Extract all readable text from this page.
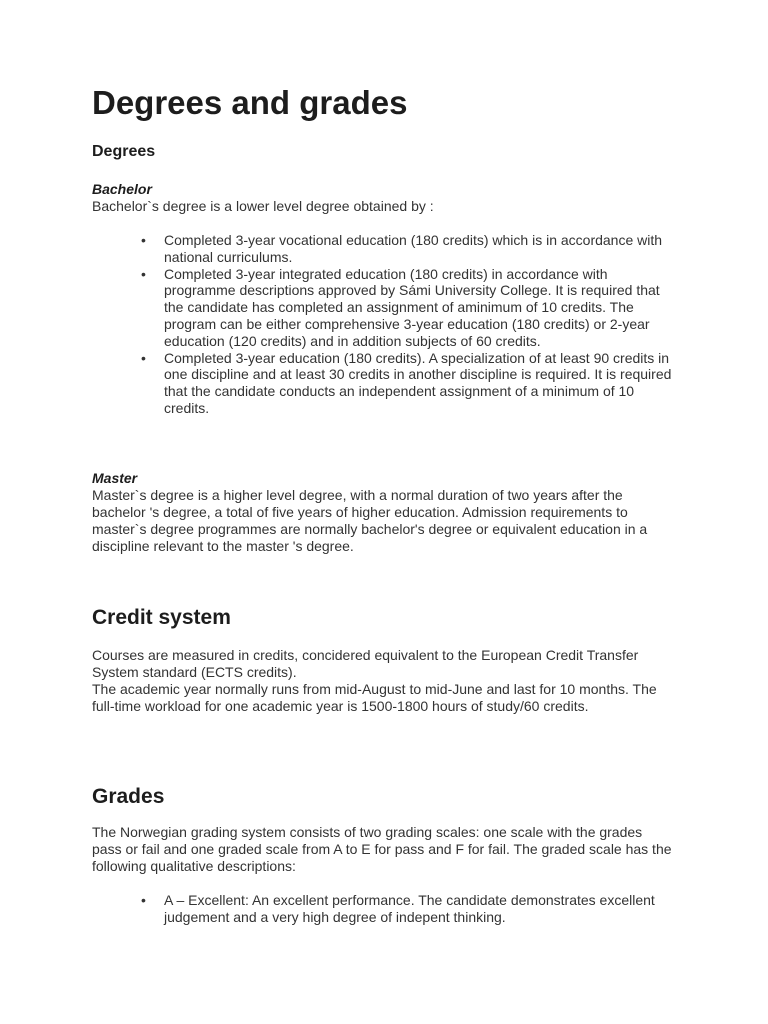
Degrees and grades
Degrees
Bachelor

Bachelor`s degree is a lower level degree obtained by :

• Completed 3-year vocational education (180 credits) which is in accordance with national curriculums.
• Completed 3-year integrated education (180 credits) in accordance with programme descriptions approved by Sámi University College. It is required that the candidate has completed an assignment of aminimum of 10 credits. The program can be either comprehensive 3-year education (180 credits) or 2-year education (120 credits) and in addition subjects of 60 credits.
• Completed 3-year education (180 credits). A specialization of at least 90 credits in one discipline and at least 30 credits in another discipline is required. It is required that the candidate conducts an independent assignment of a minimum of 10 credits.
Master

Master`s degree is a higher level degree, with a normal duration of two years after the bachelor 's degree, a total of five years of higher education. Admission requirements to master`s degree programmes are normally bachelor's degree or equivalent education in a discipline relevant to the master 's degree.

Credit system

Courses are measured in credits, concidered equivalent to the European Credit Transfer System standard (ECTS credits).

The academic year normally runs from mid-August to mid-June and last for 10 months. The full-time workload for one academic year is 1500-1800 hours of study/60 credits.

Grades

The Norwegian grading system consists of two grading scales: one scale with the grades pass or fail and one graded scale from A to E for pass and F for fail. The graded scale has the following qualitative descriptions:

• A – Excellent: An excellent performance. The candidate demonstrates excellent judgement and a very high degree of indepent thinking.
